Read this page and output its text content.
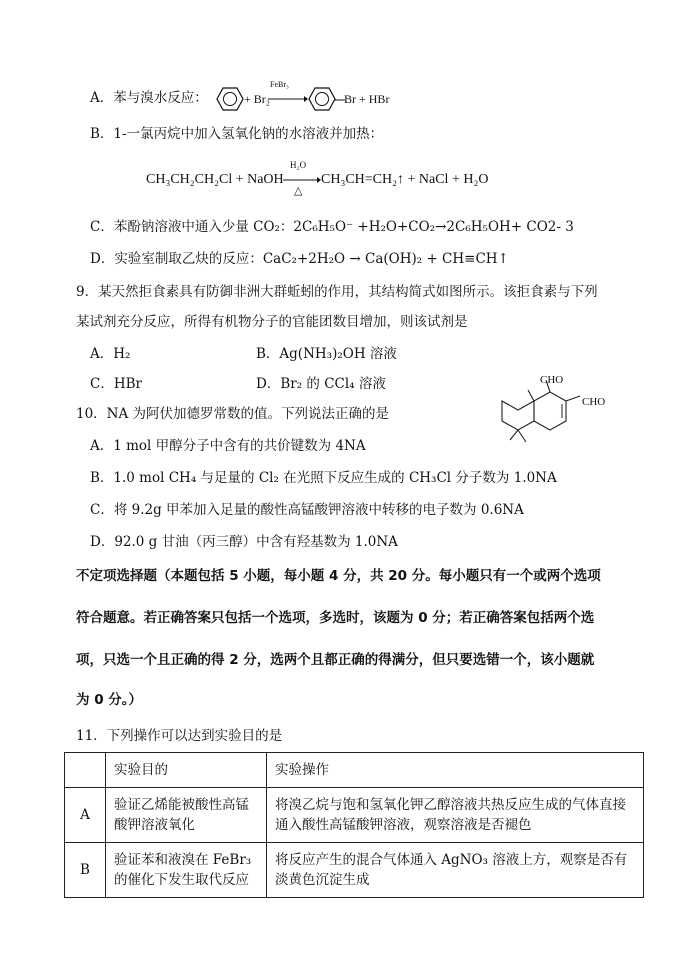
A．苯与溴水反应：	+ Br₂
FeBr₃
Br + HBr
B．1-一氯丙烷中加入氢氧化钠的水溶液并加热：
CH₃CH₂CH₂Cl + NaOH
H₂O
△
CH₃CH=CH₂↑ + NaCl + H₂O
C．苯酚钠溶液中通入少量 CO₂：2C₆H₅O⁻ +H₂O+CO₂→2C₆H₅OH+ CO2- 3
D．实验室制取乙炔的反应：CaC₂+2H₂O → Ca(OH)₂ + CH≡CH↑
9．某天然拒食素具有防御非洲大群蚯蚓的作用，其结构简式如图所示。该拒食素与下列
某试剂充分反应，所得有机物分子的官能团数目增加，则该试剂是
A．H₂	B．Ag(NH₃)₂OH 溶液
C．HBr	D．Br₂ 的 CCl₄ 溶液	CHO
CHO
10．NA 为阿伏加德罗常数的值。下列说法正确的是
A．1 mol 甲醇分子中含有的共价键数为 4NA
B．1.0 mol CH₄ 与足量的 Cl₂ 在光照下反应生成的 CH₃Cl 分子数为 1.0NA
C．将 9.2g 甲苯加入足量的酸性高锰酸钾溶液中转移的电子数为 0.6NA
D．92.0 g 甘油（丙三醇）中含有羟基数为 1.0NA
不定项选择题（本题包括 5 小题，每小题 4 分，共 20 分。每小题只有一个或两个选项
符合题意。若正确答案只包括一个选项，多选时，该题为 0 分；若正确答案包括两个选
项，只选一个且正确的得 2 分，选两个且都正确的得满分，但只要选错一个，该小题就
为 0 分。）
11．下列操作可以达到实验目的是
	实验目的	实验操作
A	验证乙烯能被酸性高锰酸钾溶液氧化	将溴乙烷与饱和氢氧化钾乙醇溶液共热反应生成的气体直接通入酸性高锰酸钾溶液，观察溶液是否褪色
B	验证苯和液溴在 FeBr₃ 的催化下发生取代反应	将反应产生的混合气体通入 AgNO₃ 溶液上方，观察是否有淡黄色沉淀生成
